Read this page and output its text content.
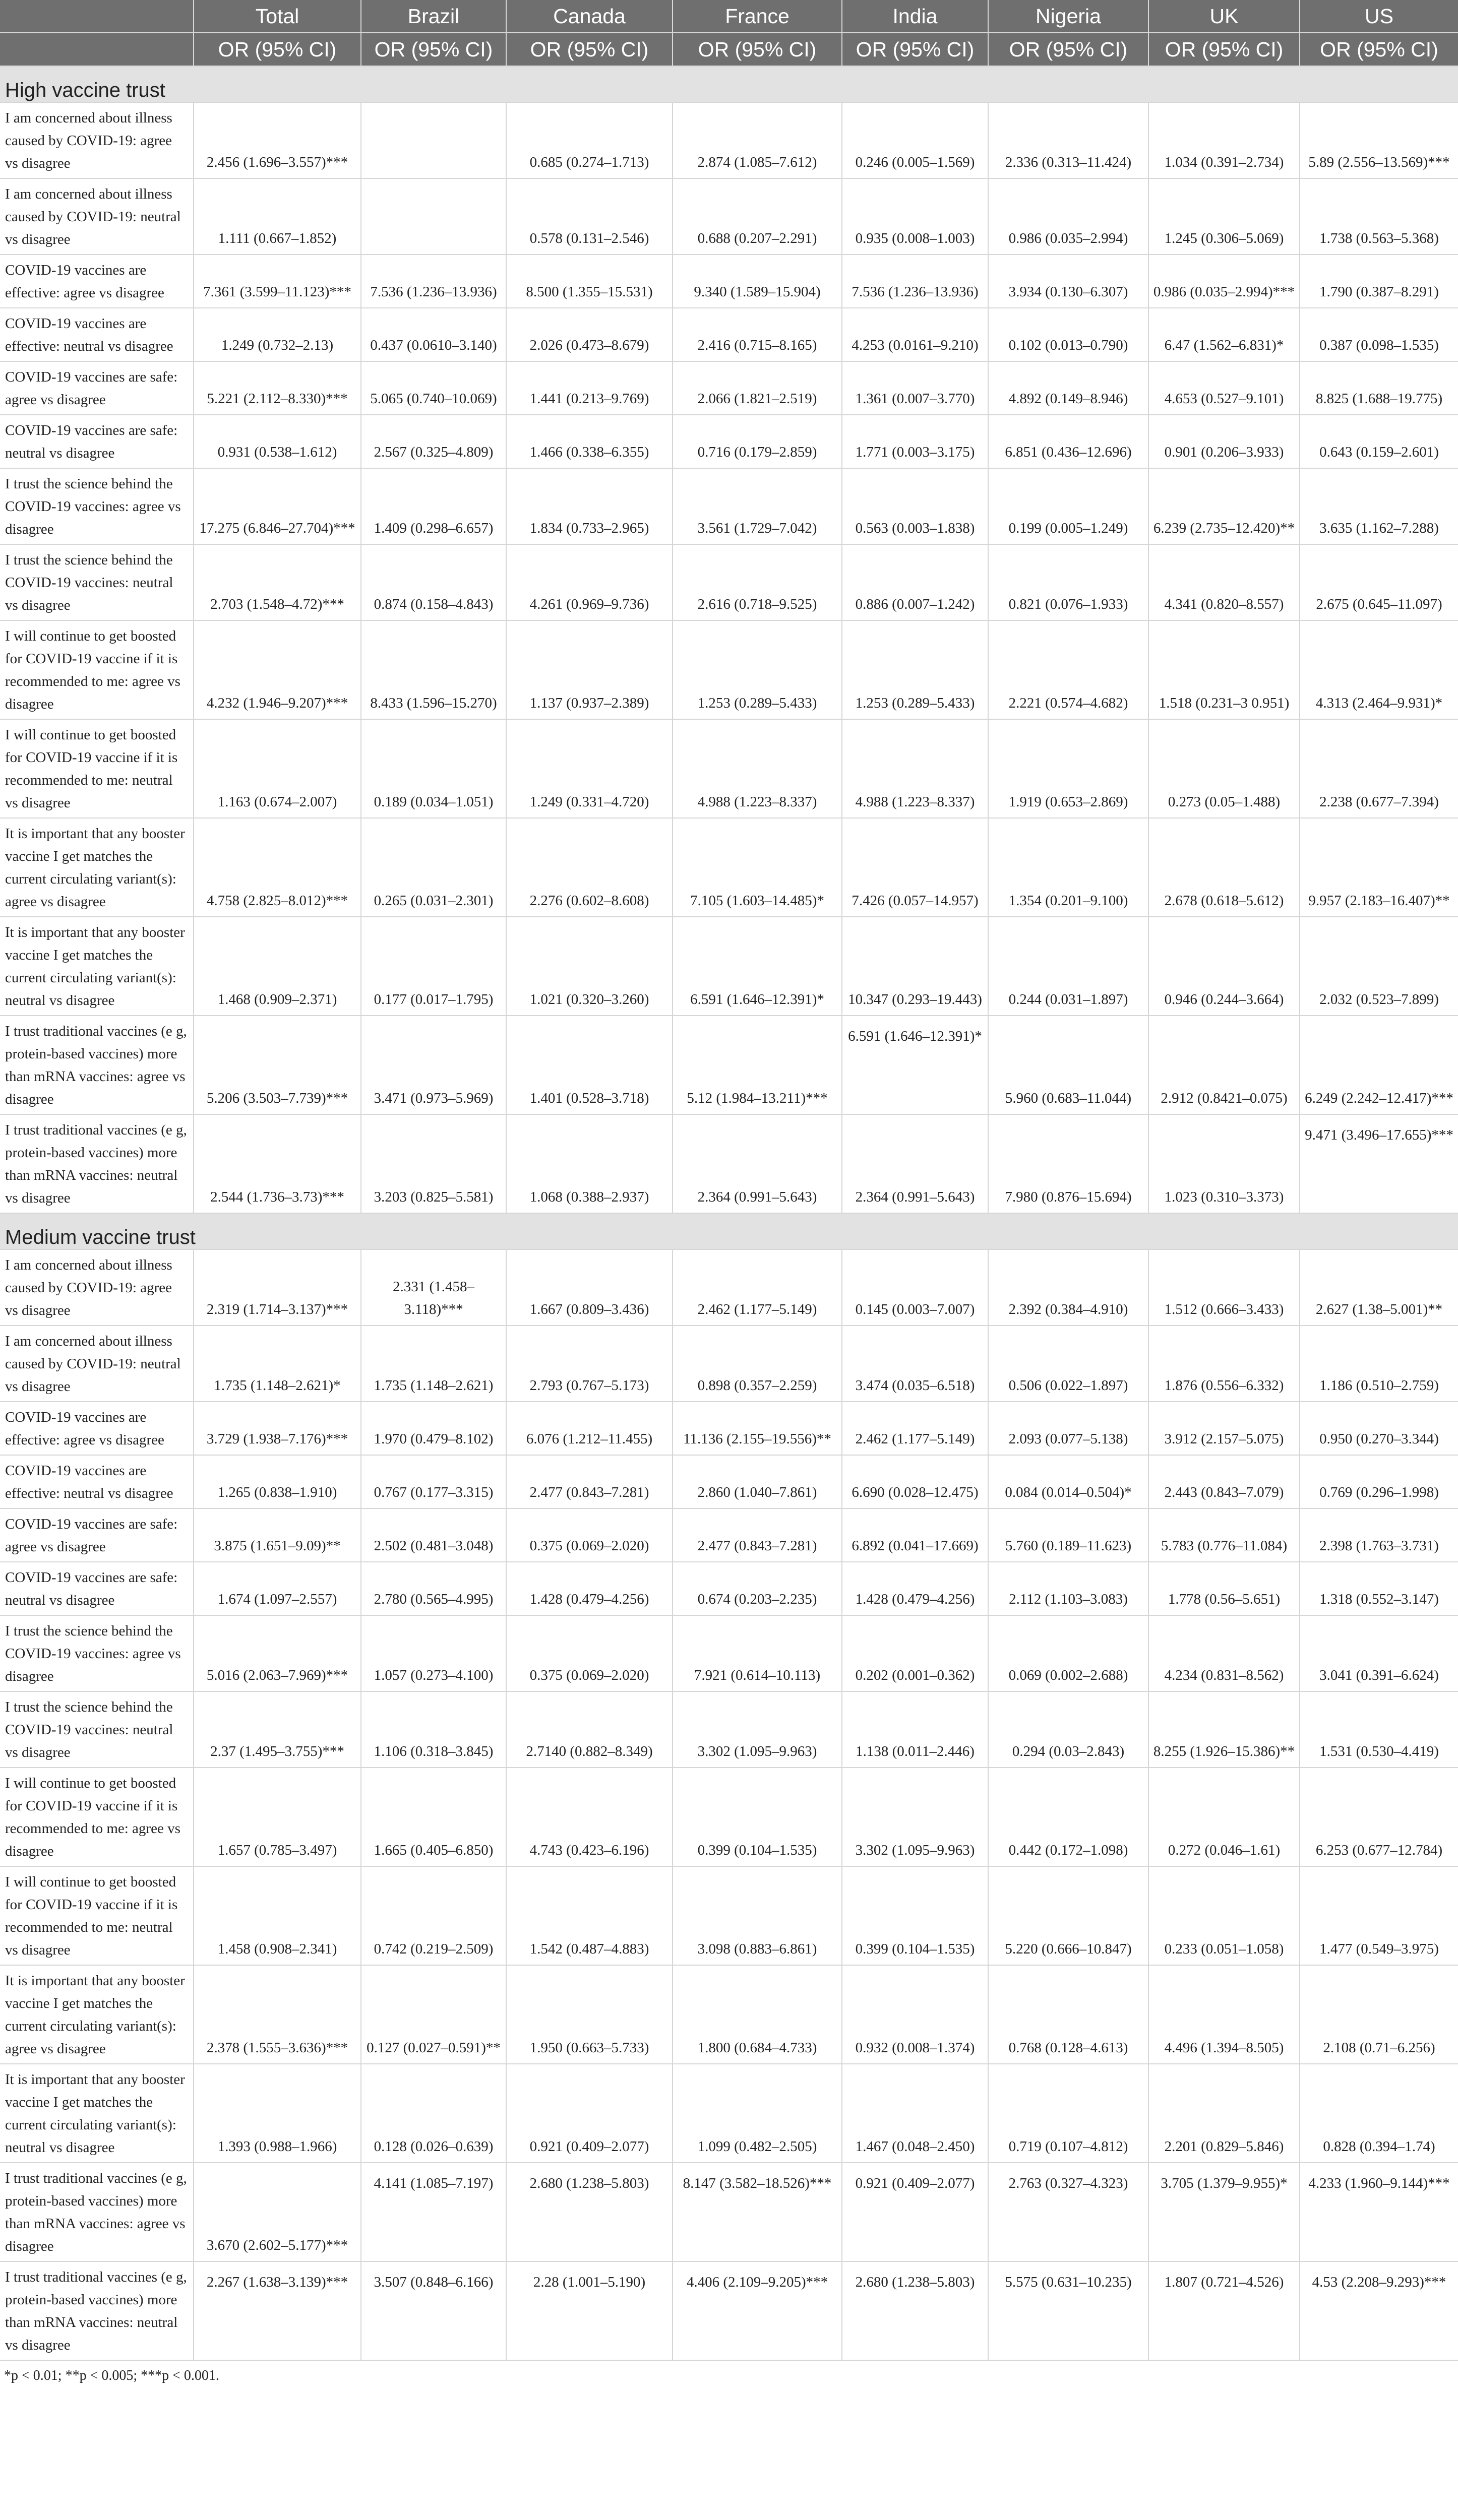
	Total	Brazil	Canada	France	India	Nigeria	UK	US
	OR (95% CI)	OR (95% CI)	OR (95% CI)	OR (95% CI)	OR (95% CI)	OR (95% CI)	OR (95% CI)	OR (95% CI)
High vaccine trust								
I am concerned about illness caused by COVID-19: agree vs disagree	2.456 (1.696–3.557)***		0.685 (0.274–1.713)	2.874 (1.085–7.612)	0.246 (0.005–1.569)	2.336 (0.313–11.424)	1.034 (0.391–2.734)	5.89 (2.556–13.569)***
I am concerned about illness caused by COVID-19: neutral vs disagree	1.111 (0.667–1.852)		0.578 (0.131–2.546)	0.688 (0.207–2.291)	0.935 (0.008–1.003)	0.986 (0.035–2.994)	1.245 (0.306–5.069)	1.738 (0.563–5.368)
COVID-19 vaccines are effective: agree vs disagree	7.361 (3.599–11.123)***	7.536 (1.236–13.936)	8.500 (1.355–15.531)	9.340 (1.589–15.904)	7.536 (1.236–13.936)	3.934 (0.130–6.307)	0.986 (0.035–2.994)***	1.790 (0.387–8.291)
COVID-19 vaccines are effective: neutral vs disagree	1.249 (0.732–2.13)	0.437 (0.0610–3.140)	2.026 (0.473–8.679)	2.416 (0.715–8.165)	4.253 (0.0161–9.210)	0.102 (0.013–0.790)	6.47 (1.562–6.831)*	0.387 (0.098–1.535)
COVID-19 vaccines are safe: agree vs disagree	5.221 (2.112–8.330)***	5.065 (0.740–10.069)	1.441 (0.213–9.769)	2.066 (1.821–2.519)	1.361 (0.007–3.770)	4.892 (0.149–8.946)	4.653 (0.527–9.101)	8.825 (1.688–19.775)
COVID-19 vaccines are safe: neutral vs disagree	0.931 (0.538–1.612)	2.567 (0.325–4.809)	1.466 (0.338–6.355)	0.716 (0.179–2.859)	1.771 (0.003–3.175)	6.851 (0.436–12.696)	0.901 (0.206–3.933)	0.643 (0.159–2.601)
I trust the science behind the COVID-19 vaccines: agree vs disagree	17.275 (6.846–27.704)***	1.409 (0.298–6.657)	1.834 (0.733–2.965)	3.561 (1.729–7.042)	0.563 (0.003–1.838)	0.199 (0.005–1.249)	6.239 (2.735–12.420)**	3.635 (1.162–7.288)
I trust the science behind the COVID-19 vaccines: neutral vs disagree	2.703 (1.548–4.72)***	0.874 (0.158–4.843)	4.261 (0.969–9.736)	2.616 (0.718–9.525)	0.886 (0.007–1.242)	0.821 (0.076–1.933)	4.341 (0.820–8.557)	2.675 (0.645–11.097)
I will continue to get boosted for COVID-19 vaccine if it is recommended to me: agree vs disagree	4.232 (1.946–9.207)***	8.433 (1.596–15.270)	1.137 (0.937–2.389)	1.253 (0.289–5.433)	1.253 (0.289–5.433)	2.221 (0.574–4.682)	1.518 (0.231–3 0.951)	4.313 (2.464–9.931)*
I will continue to get boosted for COVID-19 vaccine if it is recommended to me: neutral vs disagree	1.163 (0.674–2.007)	0.189 (0.034–1.051)	1.249 (0.331–4.720)	4.988 (1.223–8.337)	4.988 (1.223–8.337)	1.919 (0.653–2.869)	0.273 (0.05–1.488)	2.238 (0.677–7.394)
It is important that any booster vaccine I get matches the current circulating variant(s): agree vs disagree	4.758 (2.825–8.012)***	0.265 (0.031–2.301)	2.276 (0.602–8.608)	7.105 (1.603–14.485)*	7.426 (0.057–14.957)	1.354 (0.201–9.100)	2.678 (0.618–5.612)	9.957 (2.183–16.407)**
It is important that any booster vaccine I get matches the current circulating variant(s): neutral vs disagree	1.468 (0.909–2.371)	0.177 (0.017–1.795)	1.021 (0.320–3.260)	6.591 (1.646–12.391)*	10.347 (0.293–19.443)	0.244 (0.031–1.897)	0.946 (0.244–3.664)	2.032 (0.523–7.899)
I trust traditional vaccines (e g, protein-based vaccines) more than mRNA vaccines: agree vs disagree	5.206 (3.503–7.739)***	3.471 (0.973–5.969)	1.401 (0.528–3.718)	5.12 (1.984–13.211)***	6.591 (1.646–12.391)*	5.960 (0.683–11.044)	2.912 (0.8421–0.075)	6.249 (2.242–12.417)***
I trust traditional vaccines (e g, protein-based vaccines) more than mRNA vaccines: neutral vs disagree	2.544 (1.736–3.73)***	3.203 (0.825–5.581)	1.068 (0.388–2.937)	2.364 (0.991–5.643)	2.364 (0.991–5.643)	7.980 (0.876–15.694)	1.023 (0.310–3.373)	9.471 (3.496–17.655)***
Medium vaccine trust								
I am concerned about illness caused by COVID-19: agree vs disagree	2.319 (1.714–3.137)***	2.331 (1.458–3.118)***	1.667 (0.809–3.436)	2.462 (1.177–5.149)	0.145 (0.003–7.007)	2.392 (0.384–4.910)	1.512 (0.666–3.433)	2.627 (1.38–5.001)**
I am concerned about illness caused by COVID-19: neutral vs disagree	1.735 (1.148–2.621)*	1.735 (1.148–2.621)	2.793 (0.767–5.173)	0.898 (0.357–2.259)	3.474 (0.035–6.518)	0.506 (0.022–1.897)	1.876 (0.556–6.332)	1.186 (0.510–2.759)
COVID-19 vaccines are effective: agree vs disagree	3.729 (1.938–7.176)***	1.970 (0.479–8.102)	6.076 (1.212–11.455)	11.136 (2.155–19.556)**	2.462 (1.177–5.149)	2.093 (0.077–5.138)	3.912 (2.157–5.075)	0.950 (0.270–3.344)
COVID-19 vaccines are effective: neutral vs disagree	1.265 (0.838–1.910)	0.767 (0.177–3.315)	2.477 (0.843–7.281)	2.860 (1.040–7.861)	6.690 (0.028–12.475)	0.084 (0.014–0.504)*	2.443 (0.843–7.079)	0.769 (0.296–1.998)
COVID-19 vaccines are safe: agree vs disagree	3.875 (1.651–9.09)**	2.502 (0.481–3.048)	0.375 (0.069–2.020)	2.477 (0.843–7.281)	6.892 (0.041–17.669)	5.760 (0.189–11.623)	5.783 (0.776–11.084)	2.398 (1.763–3.731)
COVID-19 vaccines are safe: neutral vs disagree	1.674 (1.097–2.557)	2.780 (0.565–4.995)	1.428 (0.479–4.256)	0.674 (0.203–2.235)	1.428 (0.479–4.256)	2.112 (1.103–3.083)	1.778 (0.56–5.651)	1.318 (0.552–3.147)
I trust the science behind the COVID-19 vaccines: agree vs disagree	5.016 (2.063–7.969)***	1.057 (0.273–4.100)	0.375 (0.069–2.020)	7.921 (0.614–10.113)	0.202 (0.001–0.362)	0.069 (0.002–2.688)	4.234 (0.831–8.562)	3.041 (0.391–6.624)
I trust the science behind the COVID-19 vaccines: neutral vs disagree	2.37 (1.495–3.755)***	1.106 (0.318–3.845)	2.7140 (0.882–8.349)	3.302 (1.095–9.963)	1.138 (0.011–2.446)	0.294 (0.03–2.843)	8.255 (1.926–15.386)**	1.531 (0.530–4.419)
I will continue to get boosted for COVID-19 vaccine if it is recommended to me: agree vs disagree	1.657 (0.785–3.497)	1.665 (0.405–6.850)	4.743 (0.423–6.196)	0.399 (0.104–1.535)	3.302 (1.095–9.963)	0.442 (0.172–1.098)	0.272 (0.046–1.61)	6.253 (0.677–12.784)
I will continue to get boosted for COVID-19 vaccine if it is recommended to me: neutral vs disagree	1.458 (0.908–2.341)	0.742 (0.219–2.509)	1.542 (0.487–4.883)	3.098 (0.883–6.861)	0.399 (0.104–1.535)	5.220 (0.666–10.847)	0.233 (0.051–1.058)	1.477 (0.549–3.975)
It is important that any booster vaccine I get matches the current circulating variant(s): agree vs disagree	2.378 (1.555–3.636)***	0.127 (0.027–0.591)**	1.950 (0.663–5.733)	1.800 (0.684–4.733)	0.932 (0.008–1.374)	0.768 (0.128–4.613)	4.496 (1.394–8.505)	2.108 (0.71–6.256)
It is important that any booster vaccine I get matches the current circulating variant(s): neutral vs disagree	1.393 (0.988–1.966)	0.128 (0.026–0.639)	0.921 (0.409–2.077)	1.099 (0.482–2.505)	1.467 (0.048–2.450)	0.719 (0.107–4.812)	2.201 (0.829–5.846)	0.828 (0.394–1.74)
I trust traditional vaccines (e g, protein-based vaccines) more than mRNA vaccines: agree vs disagree	3.670 (2.602–5.177)***	4.141 (1.085–7.197)	2.680 (1.238–5.803)	8.147 (3.582–18.526)***	0.921 (0.409–2.077)	2.763 (0.327–4.323)	3.705 (1.379–9.955)*	4.233 (1.960–9.144)***
I trust traditional vaccines (e g, protein-based vaccines) more than mRNA vaccines: neutral vs disagree	2.267 (1.638–3.139)***	3.507 (0.848–6.166)	2.28 (1.001–5.190)	4.406 (2.109–9.205)***	2.680 (1.238–5.803)	5.575 (0.631–10.235)	1.807 (0.721–4.526)	4.53 (2.208–9.293)***
*p < 0.01; **p < 0.005; ***p < 0.001.
